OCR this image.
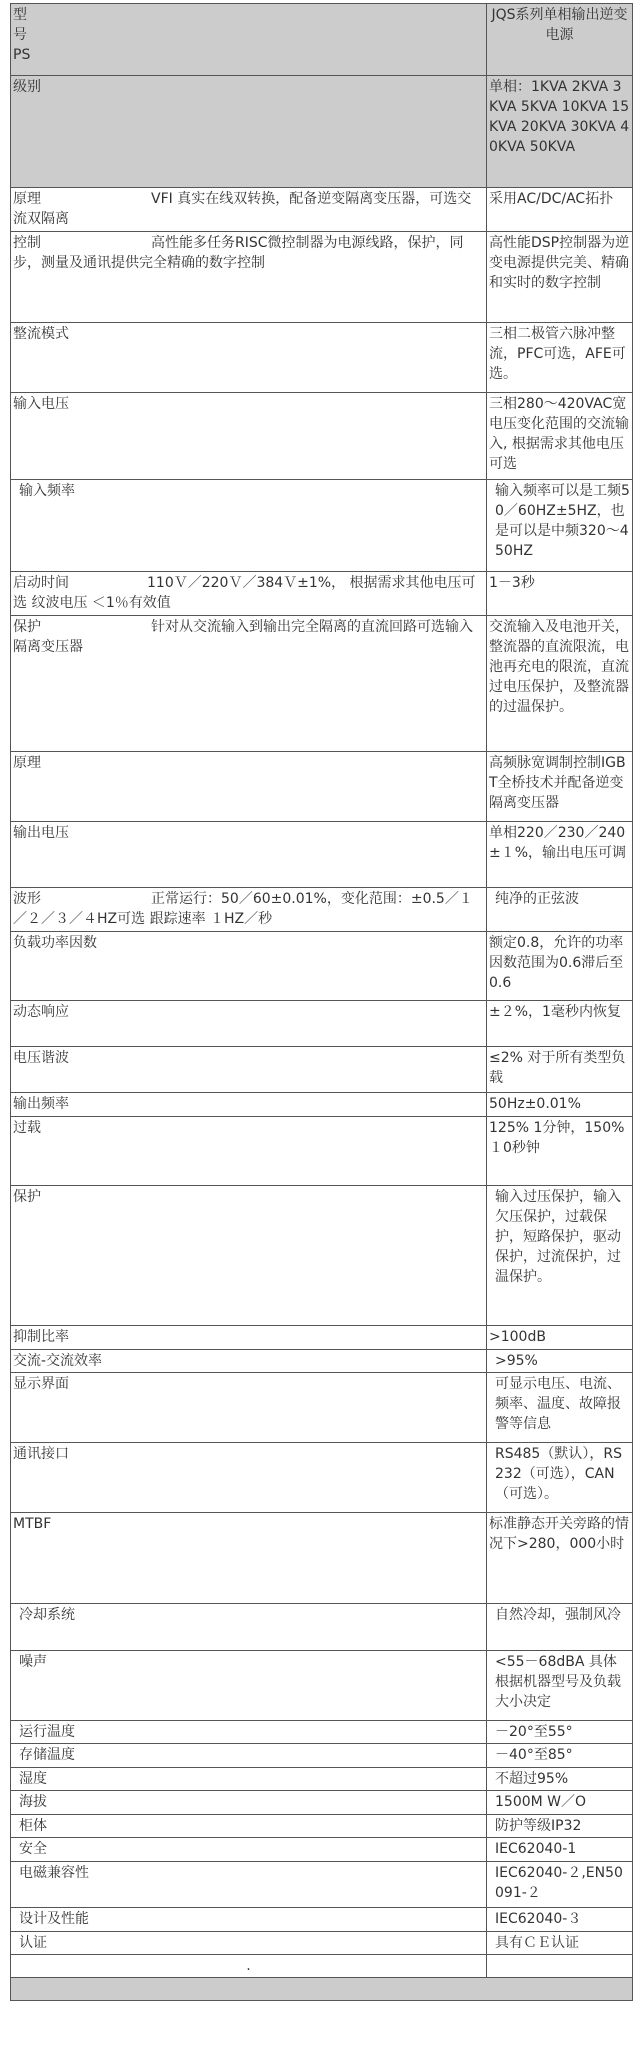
型
号
PS	JQS系列单相输出逆变电源
级别	单相：1KVA 2KVA 3KVA 5KVA 10KVA 15KVA 20KVA 30KVA 40KVA 50KVA

原理 VFI 真实在线双转换，配备逆变隔离变压器，可选交流双隔离	采用AC/DC/AC拓扑

控制 高性能多任务RISC微控制器为电源线路，保护，同步，测量及通讯提供完全精确的数字控制	高性能DSP控制器为逆变电源提供完美、精确和实时的数字控制
整流模式	三相二极管六脉冲整流，PFC可选，AFE可选。
输入电压	三相280～420VAC宽电压变化范围的交流输入, 根据需求其他电压可选
输入频率	输入频率可以是工频50／60HZ±5HZ，也是可以是中频320～450HZ

启动时间 110Ｖ／220Ｖ／384Ｖ±1%， 根据需求其他电压可选 纹波电压 ＜1％有效值	1－3秒

保护 针对从交流输入到输出完全隔离的直流回路可选输入隔离变压器	交流输入及电池开关，整流器的直流限流，电池再充电的限流，直流过电压保护，及整流器的过温保护。
原理	高频脉宽调制控制IGBT全桥技术并配备逆变隔离变压器
输出电压	单相220／230／240±１%，输出电压可调

波形 正常运行：50／60±0.01%，变化范围：±0.5／１／２／３／４HZ可选 跟踪速率 １HZ／秒	纯净的正弦波
负载功率因数	额定0.8，允许的功率因数范围为0.6滞后至0.6
动态响应	±２%，1毫秒内恢复
电压谐波	≤2% 对于所有类型负载
输出频率	50Hz±0.01%
过载	125% 1分钟，150% １0秒钟
保护	输入过压保护，输入欠压保护，过载保护，短路保护，驱动保护，过流保护，过温保护。
抑制比率	>100dB
交流-交流效率	>95%
显示界面	可显示电压、电流、频率、温度、故障报警等信息
通讯接口	RS485（默认），RS232（可选），CAN（可选）。
MTBF	标准静态开关旁路的情况下>280，000小时
冷却系统	自然冷却，强制风冷
噪声	<55－68dBA 具体根据机器型号及负载大小决定
运行温度	－20°至55°
存储温度	－40°至85°
湿度	不超过95%
海拔	1500M W／O
柜体	防护等级IP32
安全	IEC62040-1
电磁兼容性	IEC62040-２,EN50091-２
设计及性能	IEC62040-３
认证	具有ＣＥ认证
.	
